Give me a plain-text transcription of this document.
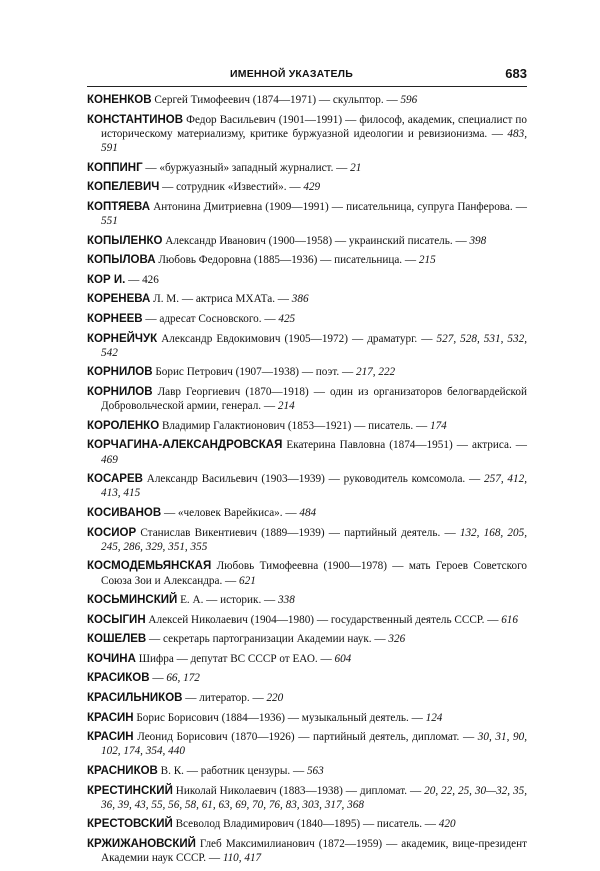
ИМЕННОЙ УКАЗАТЕЛЬ	683

КОНЕНКОВ Сергей Тимофеевич (1874—1971) — скульптор. — 596

КОНСТАНТИНОВ Федор Васильевич (1901—1991) — философ, академик, специалист по историческому материализму, критике буржуазной идеологии и ревизионизма. — 483, 591

КОППИНГ — «буржуазный» западный журналист. — 21

КОПЕЛЕВИЧ — сотрудник «Известий». — 429

КОПТЯЕВА Антонина Дмитриевна (1909—1991) — писательница, супруга Панферова. — 551

КОПЫЛЕНКО Александр Иванович (1900—1958) — украинский писатель. — 398

КОПЫЛОВА Любовь Федоровна (1885—1936) — писательница. — 215

КОР И. — 426

КОРЕНЕВА Л. М. — актриса МХАТа. — 386

КОРНЕЕВ — адресат Сосновского. — 425

КОРНЕЙЧУК Александр Евдокимович (1905—1972) — драматург. — 527, 528, 531, 532, 542

КОРНИЛОВ Борис Петрович (1907—1938) — поэт. — 217, 222

КОРНИЛОВ Лавр Георгиевич (1870—1918) — один из организаторов белогвардейской Добровольческой армии, генерал. — 214

КОРОЛЕНКО Владимир Галактионович (1853—1921) — писатель. — 174

КОРЧАГИНА-АЛЕКСАНДРОВСКАЯ Екатерина Павловна (1874—1951) — актриса. — 469

КОСАРЕВ Александр Васильевич (1903—1939) — руководитель комсомола. — 257, 412, 413, 415

КОСИВАНОВ — «человек Варейкиса». — 484

КОСИОР Станислав Викентиевич (1889—1939) — партийный деятель. — 132, 168, 205, 245, 286, 329, 351, 355

КОСМОДЕМЬЯНСКАЯ Любовь Тимофеевна (1900—1978) — мать Героев Советского Союза Зои и Александра. — 621

КОСЬМИНСКИЙ Е. А. — историк. — 338

КОСЫГИН Алексей Николаевич (1904—1980) — государственный деятель СССР. — 616

КОШЕЛЕВ — секретарь партогранизации Академии наук. — 326

КОЧИНА Шифра — депутат ВС СССР от ЕАО. — 604

КРАСИКОВ — 66, 172

КРАСИЛЬНИКОВ — литератор. — 220

КРАСИН Борис Борисович (1884—1936) — музыкальный деятель. — 124

КРАСИН Леонид Борисович (1870—1926) — партийный деятель, дипломат. — 30, 31, 90, 102, 174, 354, 440

КРАСНИКОВ В. К. — работник цензуры. — 563

КРЕСТИНСКИЙ Николай Николаевич (1883—1938) — дипломат. — 20, 22, 25, 30—32, 35, 36, 39, 43, 55, 56, 58, 61, 63, 69, 70, 76, 83, 303, 317, 368

КРЕСТОВСКИЙ Всеволод Владимирович (1840—1895) — писатель. — 420

КРЖИЖАНОВСКИЙ Глеб Максимилианович (1872—1959) — академик, вице-президент Академии наук СССР. — 110, 417
